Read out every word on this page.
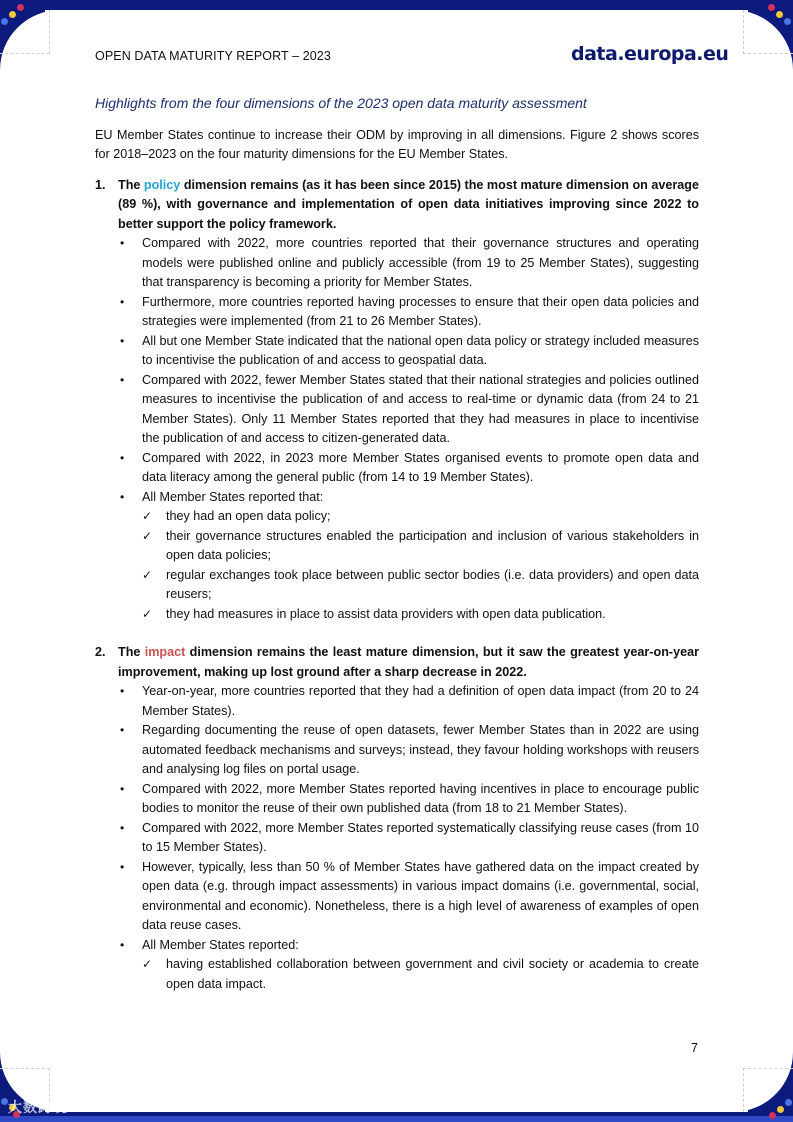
OPEN DATA MATURITY REPORT – 2023	data.europa.eu
Highlights from the four dimensions of the 2023 open data maturity assessment

EU Member States continue to increase their ODM by improving in all dimensions. Figure 2 shows scores for 2018–2023 on the four maturity dimensions for the EU Member States.

1. The policy dimension remains (as it has been since 2015) the most mature dimension on average (89 %), with governance and implementation of open data initiatives improving since 2022 to better support the policy framework.

• Compared with 2022, more countries reported that their governance structures and operating models were published online and publicly accessible (from 19 to 25 Member States), suggesting that transparency is becoming a priority for Member States.
• Furthermore, more countries reported having processes to ensure that their open data policies and strategies were implemented (from 21 to 26 Member States).
• All but one Member State indicated that the national open data policy or strategy included measures to incentivise the publication of and access to geospatial data.
• Compared with 2022, fewer Member States stated that their national strategies and policies outlined measures to incentivise the publication of and access to real-time or dynamic data (from 24 to 21 Member States). Only 11 Member States reported that they had measures in place to incentivise the publication of and access to citizen-generated data.
• Compared with 2022, in 2023 more Member States organised events to promote open data and data literacy among the general public (from 14 to 19 Member States).
• All Member States reported that:
✓ they had an open data policy;
✓ their governance structures enabled the participation and inclusion of various stakeholders in open data policies;
✓ regular exchanges took place between public sector bodies (i.e. data providers) and open data reusers;
✓ they had measures in place to assist data providers with open data publication.
2. The impact dimension remains the least mature dimension, but it saw the greatest year-on-year improvement, making up lost ground after a sharp decrease in 2022.

• Year-on-year, more countries reported that they had a definition of open data impact (from 20 to 24 Member States).
• Regarding documenting the reuse of open datasets, fewer Member States than in 2022 are using automated feedback mechanisms and surveys; instead, they favour holding workshops with reusers and analysing log files on portal usage.
• Compared with 2022, more Member States reported having incentives in place to encourage public bodies to monitor the reuse of their own published data (from 18 to 21 Member States).
• Compared with 2022, more Member States reported systematically classifying reuse cases (from 10 to 15 Member States).
• However, typically, less than 50 % of Member States have gathered data on the impact created by open data (e.g. through impact assessments) in various impact domains (i.e. governmental, social, environmental and economic). Nonetheless, there is a high level of awareness of examples of open data reuse cases.
• All Member States reported:
✓ having established collaboration between government and civil society or academia to create open data impact.
7
大数跨境
